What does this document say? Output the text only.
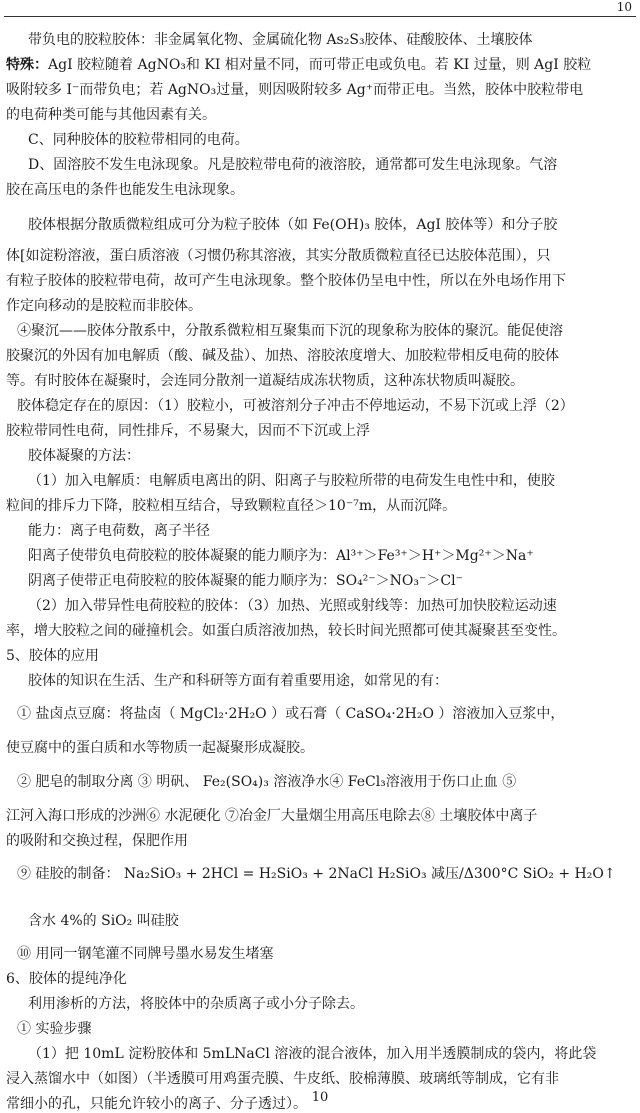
10
带负电的胶粒胶体：非金属氧化物、金属硫化物 As₂S₃胶体、硅酸胶体、土壤胶体
特殊：AgI 胶粒随着 AgNO₃和 KI 相对量不同，而可带正电或负电。若 KI 过量，则 AgI 胶粒
吸附较多 I⁻而带负电；若 AgNO₃过量，则因吸附较多 Ag⁺而带正电。当然，胶体中胶粒带电
的电荷种类可能与其他因素有关。
C、同种胶体的胶粒带相同的电荷。
D、固溶胶不发生电泳现象。凡是胶粒带电荷的液溶胶，通常都可发生电泳现象。气溶
胶在高压电的条件也能发生电泳现象。
胶体根据分散质微粒组成可分为粒子胶体（如 Fe(OH)₃ 胶体，AgI 胶体等）和分子胶
体[如淀粉溶液，蛋白质溶液（习惯仍称其溶液，其实分散质微粒直径已达胶体范围），只
有粒子胶体的胶粒带电荷，故可产生电泳现象。整个胶体仍呈电中性，所以在外电场作用下
作定向移动的是胶粒而非胶体。
④聚沉——胶体分散系中，分散系微粒相互聚集而下沉的现象称为胶体的聚沉。能促使溶
胶聚沉的外因有加电解质（酸、碱及盐）、加热、溶胶浓度增大、加胶粒带相反电荷的胶体
等。有时胶体在凝聚时，会连同分散剂一道凝结成冻状物质，这种冻状物质叫凝胶。
胶体稳定存在的原因：（1）胶粒小，可被溶剂分子冲击不停地运动，不易下沉或上浮（2）
胶粒带同性电荷，同性排斥，不易聚大，因而不下沉或上浮
胶体凝聚的方法：
（1）加入电解质：电解质电离出的阴、阳离子与胶粒所带的电荷发生电性中和，使胶
粒间的排斥力下降，胶粒相互结合，导致颗粒直径＞10⁻⁷m，从而沉降。
能力：离子电荷数，离子半径
阳离子使带负电荷胶粒的胶体凝聚的能力顺序为：Al³⁺＞Fe³⁺＞H⁺＞Mg²⁺＞Na⁺
阴离子使带正电荷胶粒的胶体凝聚的能力顺序为：SO₄²⁻＞NO₃⁻＞Cl⁻
（2）加入带异性电荷胶粒的胶体：（3）加热、光照或射线等：加热可加快胶粒运动速
率，增大胶粒之间的碰撞机会。如蛋白质溶液加热，较长时间光照都可使其凝聚甚至变性。
5、胶体的应用
胶体的知识在生活、生产和科研等方面有着重要用途，如常见的有：
① 盐卤点豆腐：将盐卤（ MgCl₂·2H₂O ）或石膏（ CaSO₄·2H₂O ）溶液加入豆浆中，
使豆腐中的蛋白质和水等物质一起凝聚形成凝胶。
② 肥皂的制取分离 ③ 明矾、 Fe₂(SO₄)₃ 溶液净水④ FeCl₃溶液用于伤口止血 ⑤
江河入海口形成的沙洲⑥ 水泥硬化 ⑦冶金厂大量烟尘用高压电除去⑧ 土壤胶体中离子
的吸附和交换过程，保肥作用
⑨ 硅胶的制备： Na₂SiO₃ + 2HCl = H₂SiO₃ + 2NaCl H₂SiO₃ 减压/Δ300°C SiO₂ + H₂O↑
含水 4%的 SiO₂ 叫硅胶
⑩ 用同一钢笔灌不同牌号墨水易发生堵塞
6、胶体的提纯净化
利用渗析的方法，将胶体中的杂质离子或小分子除去。
① 实验步骤
（1）把 10mL 淀粉胶体和 5mLNaCl 溶液的混合液体，加入用半透膜制成的袋内，将此袋
浸入蒸馏水中（如图）（半透膜可用鸡蛋壳膜、牛皮纸、胶棉薄膜、玻璃纸等制成，它有非
常细小的孔，只能允许较小的离子、分子透过）。 10
